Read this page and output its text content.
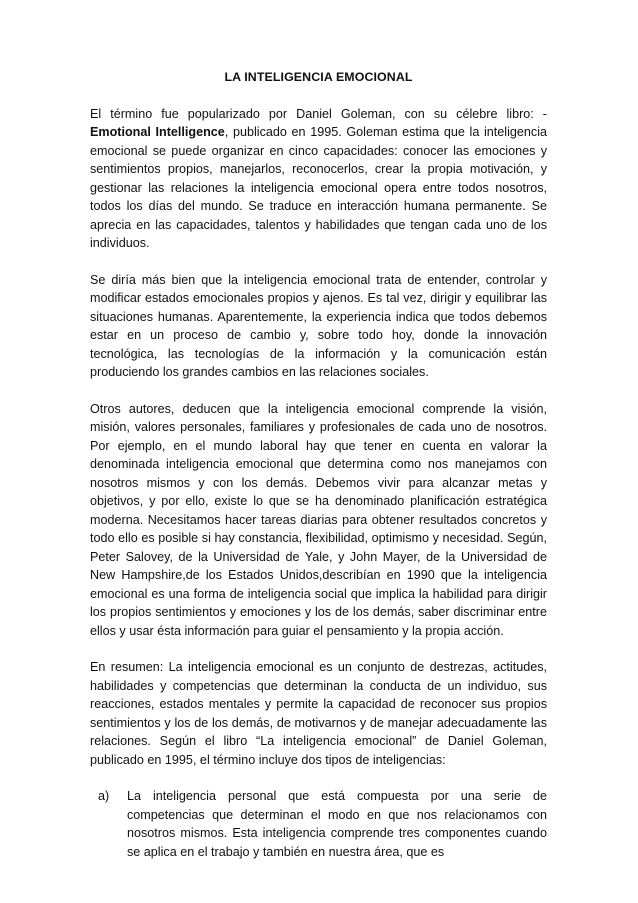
LA INTELIGENCIA EMOCIONAL

El término fue popularizado por Daniel Goleman, con su célebre libro: - Emotional Intelligence, publicado en 1995. Goleman estima que la inteligencia emocional se puede organizar en cinco capacidades: conocer las emociones y sentimientos propios, manejarlos, reconocerlos, crear la propia motivación, y gestionar las relaciones la inteligencia emocional opera entre todos nosotros, todos los días del mundo. Se traduce en interacción humana permanente. Se aprecia en las capacidades, talentos y habilidades que tengan cada uno de los individuos.

Se diría más bien que la inteligencia emocional trata de entender, controlar y modificar estados emocionales propios y ajenos. Es tal vez, dirigir y equilibrar las situaciones humanas. Aparentemente, la experiencia indica que todos debemos estar en un proceso de cambio y, sobre todo hoy, donde la innovación tecnológica, las tecnologías de la información y la comunicación están produciendo los grandes cambios en las relaciones sociales.

Otros autores, deducen que la inteligencia emocional comprende la visión, misión, valores personales, familiares y profesionales de cada uno de nosotros. Por ejemplo, en el mundo laboral hay que tener en cuenta en valorar la denominada inteligencia emocional que determina como nos manejamos con nosotros mismos y con los demás. Debemos vivir para alcanzar metas y objetivos, y por ello, existe lo que se ha denominado planificación estratégica moderna. Necesitamos hacer tareas diarias para obtener resultados concretos y todo ello es posible si hay constancia, flexibilidad, optimismo y necesidad. Según, Peter Salovey, de la Universidad de Yale, y John Mayer, de la Universidad de New Hampshire,de los Estados Unidos,describían en 1990 que la inteligencia emocional es una forma de inteligencia social que implica la habilidad para dirigir los propios sentimientos y emociones y los de los demás, saber discriminar entre ellos y usar ésta información para guiar el pensamiento y la propia acción.

En resumen: La inteligencia emocional es un conjunto de destrezas, actitudes, habilidades y competencias que determinan la conducta de un individuo, sus reacciones, estados mentales y permite la capacidad de reconocer sus propios sentimientos y los de los demás, de motivarnos y de manejar adecuadamente las relaciones. Según el libro “La inteligencia emocional” de Daniel Goleman, publicado en 1995, el término incluye dos tipos de inteligencias:

a)	La inteligencia personal que está compuesta por una serie de competencias que determinan el modo en que nos relacionamos con nosotros mismos. Esta inteligencia comprende tres componentes cuando se aplica en el trabajo y también en nuestra área, que es
